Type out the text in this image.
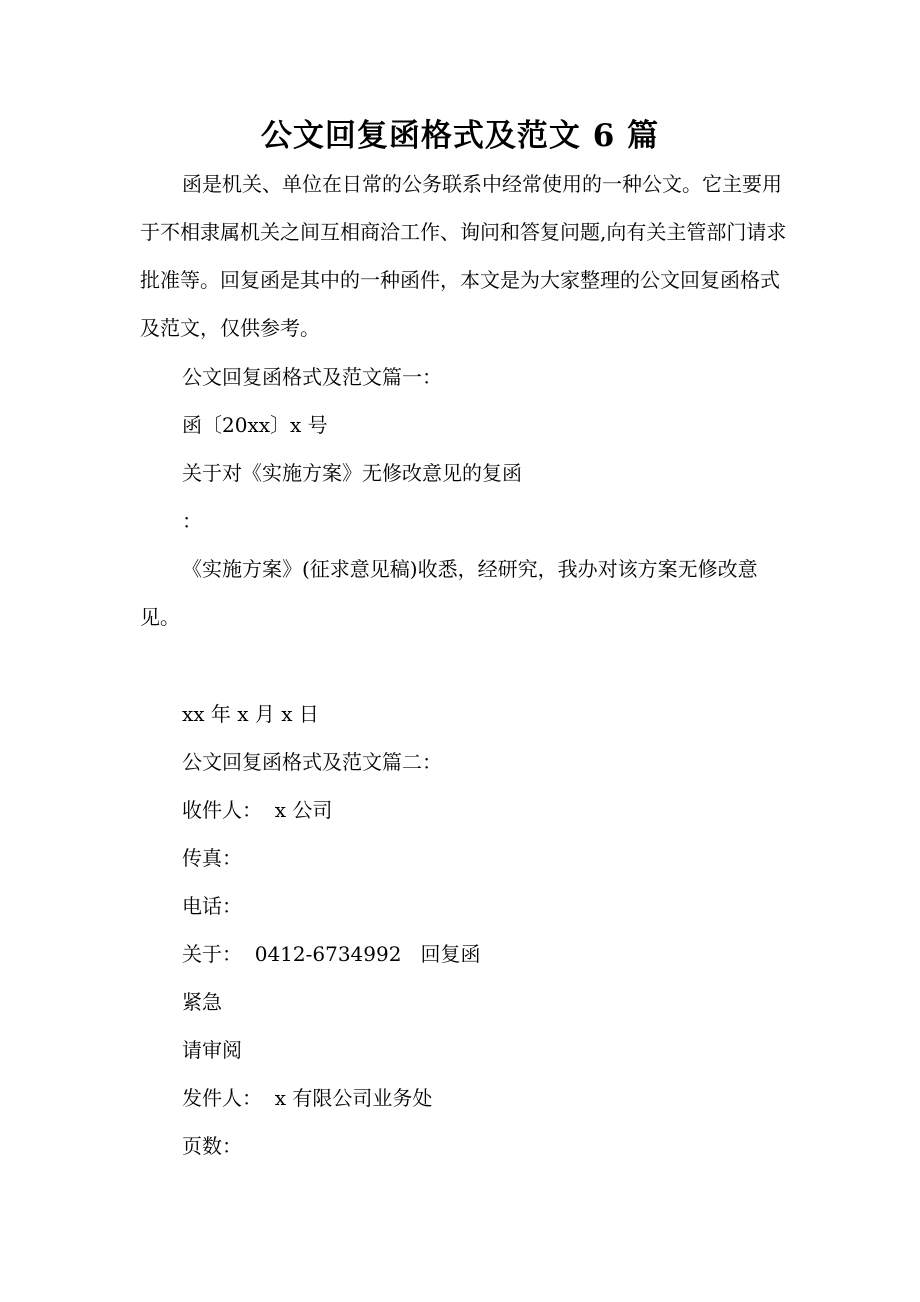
公文回复函格式及范文 6 篇

函是机关、单位在日常的公务联系中经常使用的一种公文。它主要用于不相隶属机关之间互相商洽工作、询问和答复问题,向有关主管部门请求批准等。回复函是其中的一种函件，本文是为大家整理的公文回复函格式及范文，仅供参考。

公文回复函格式及范文篇一：
函〔20xx〕x 号
关于对《实施方案》无修改意见的复函
：

《实施方案》(征求意见稿)收悉，经研究，我办对该方案无修改意见。

xx 年 x 月 x 日
公文回复函格式及范文篇二：
收件人：  x 公司
传真：
电话：
关于：  0412-6734992   回复函
紧急
请审阅
发件人：  x 有限公司业务处
页数：
